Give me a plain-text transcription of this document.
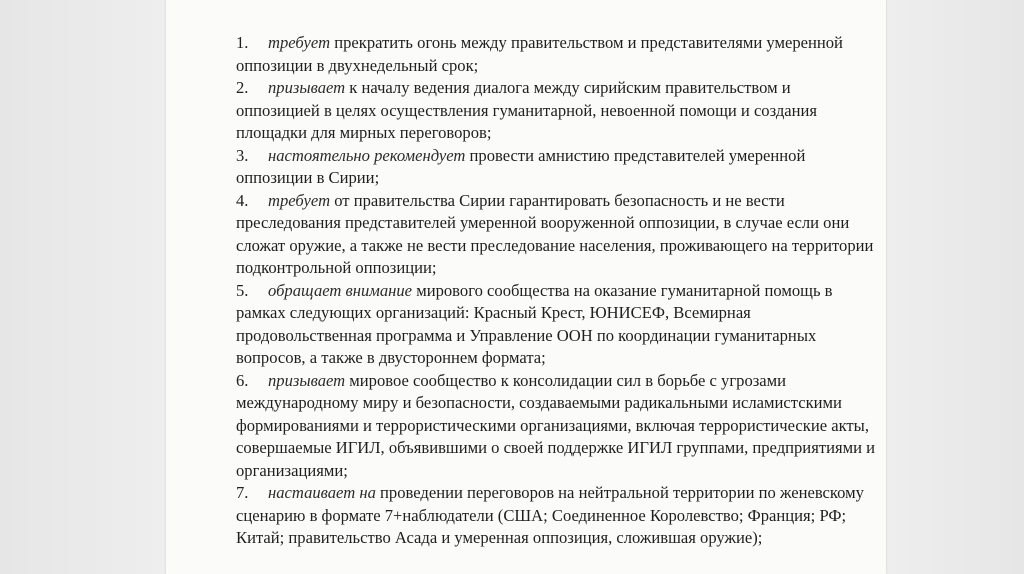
1. требует прекратить огонь между правительством и представителями умеренной оппозиции в двухнедельный срок;

2. призывает к началу ведения диалога между сирийским правительством и оппозицией в целях осуществления гуманитарной, невоенной помощи и создания площадки для мирных переговоров;

3. настоятельно рекомендует провести амнистию представителей умеренной оппозиции в Сирии;

4. требует от правительства Сирии гарантировать безопасность и не вести преследования представителей умеренной вооруженной оппозиции, в случае если они сложат оружие, а также не вести преследование населения, проживающего на территории подконтрольной оппозиции;

5. обращает внимание мирового сообщества на оказание гуманитарной помощь в рамках следующих организаций: Красный Крест, ЮНИСЕФ, Всемирная продовольственная программа и Управление ООН по координации гуманитарных вопросов, а также в двустороннем формата;

6. призывает мировое сообщество к консолидации сил в борьбе с угрозами международному миру и безопасности, создаваемыми радикальными исламистскими формированиями и террористическими организациями, включая террористические акты, совершаемые ИГИЛ, объявившими о своей поддержке ИГИЛ группами, предприятиями и организациями;

7. настаивает на проведении переговоров на нейтральной территории по женевскому сценарию в формате 7+наблюдатели (США; Соединенное Королевство; Франция; РФ; Китай; правительство Асада и умеренная оппозиция, сложившая оружие);
